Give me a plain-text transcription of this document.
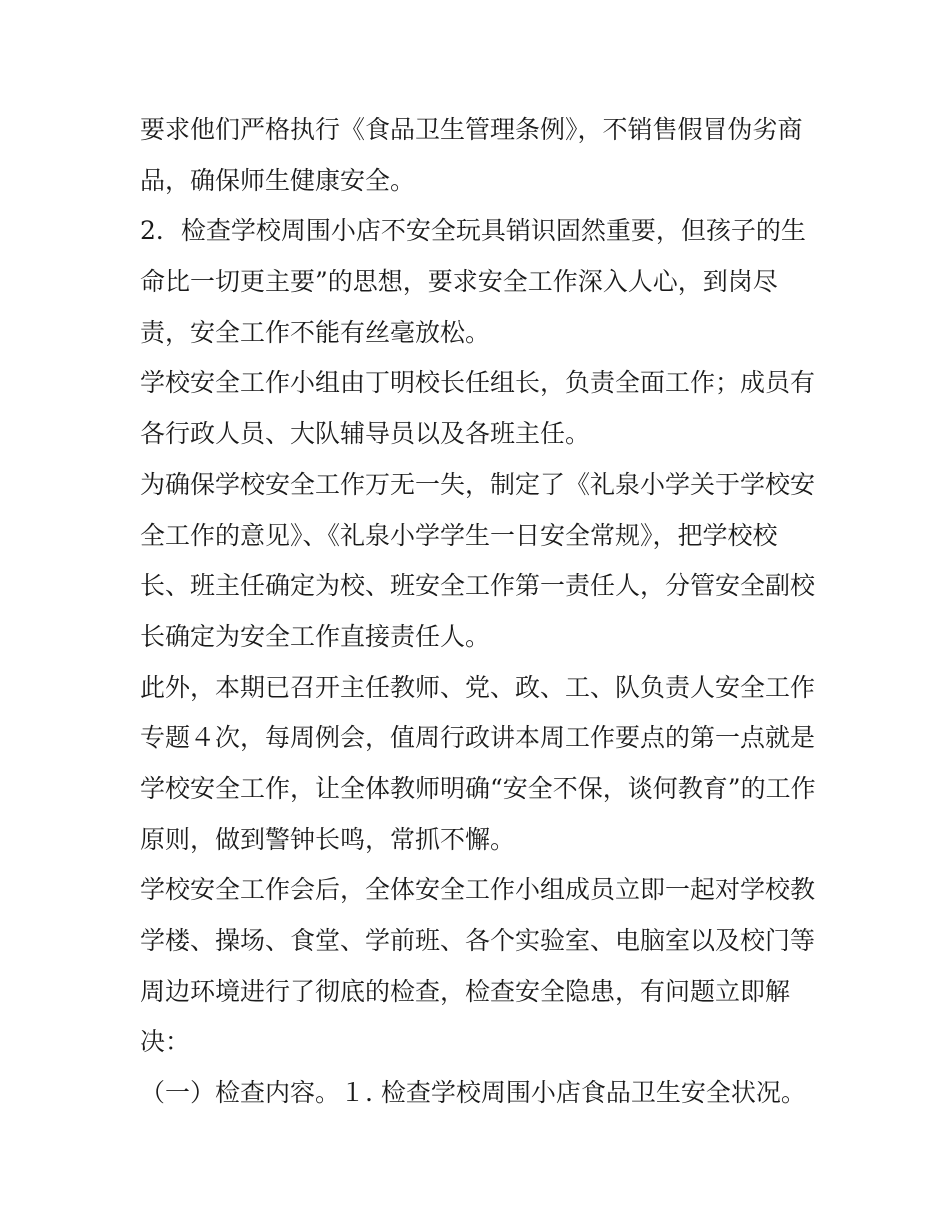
要求他们严格执行《食品卫生管理条例》，不销售假冒伪劣商
品，确保师生健康安全。
2．检查学校周围小店不安全玩具销识固然重要，但孩子的生
命比一切更主要”的思想，要求安全工作深入人心，到岗尽
责，安全工作不能有丝毫放松。
学校安全工作小组由丁明校长任组长，负责全面工作；成员有
各行政人员、大队辅导员以及各班主任。
为确保学校安全工作万无一失，制定了《礼泉小学关于学校安
全工作的意见》、《礼泉小学学生一日安全常规》，把学校校
长、班主任确定为校、班安全工作第一责任人，分管安全副校
长确定为安全工作直接责任人。
此外，本期已召开主任教师、党、政、工、队负责人安全工作
专题４次，每周例会，值周行政讲本周工作要点的第一点就是
学校安全工作，让全体教师明确“安全不保，谈何教育”的工作
原则，做到警钟长鸣，常抓不懈。
学校安全工作会后，全体安全工作小组成员立即一起对学校教
学楼、操场、食堂、学前班、各个实验室、电脑室以及校门等
周边环境进行了彻底的检查，检查安全隐患，有问题立即解
决：
（一）检查内容。１. 检查学校周围小店食品卫生安全状况。
